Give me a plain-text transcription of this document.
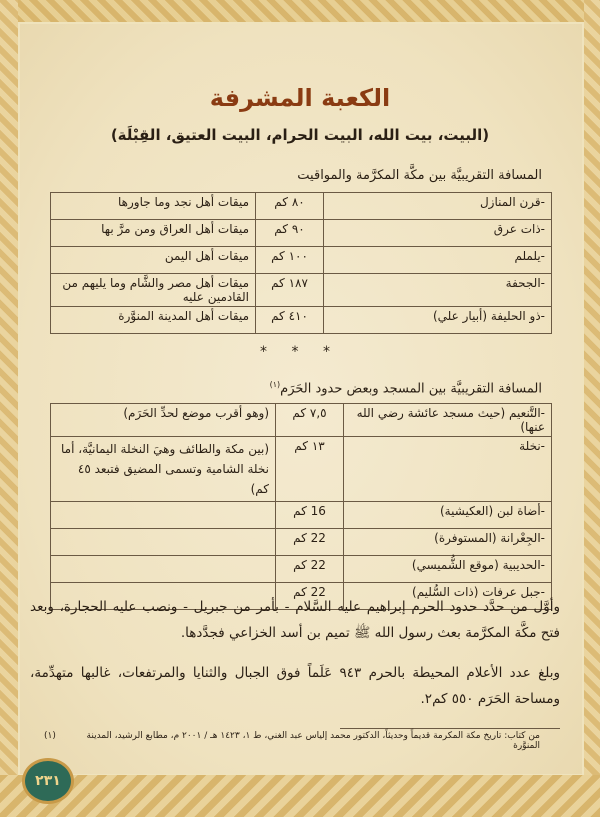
الكعبة المشرفة
(البيت، بيت الله، البيت الحرام، البيت العتيق، القِبْلَة)
المسافة التقريبيَّة بين مكَّة المكرَّمة والمواقيت
-قرن المنازل	٨٠ كم	ميقات أهل نجد وما جاورها
-ذات عرق	٩٠ كم	ميقات أهل العراق ومن مرَّ بها
-يلملم	١٠٠ كم	ميقات أهل اليمن
-الجحفة	١٨٧ كم	ميقات أهل مصر والشَّام وما يليهم من القادمين عليه
-ذو الحليفة (أبيار علي)	٤١٠ كم	ميقات أهل المدينة المنوَّرة
* * *
المسافة التقريبيَّة بين المسجد وبعض حدود الحَرَم$^{(١)}$
-التَّنعيم (حيث مسجد عائشة رضي الله عنها)	٧,٥ كم	(وهو أقرب موضع لحدِّ الحَرَم)
-نخلة	١٣ كم	(بين مكة والطائف وهيَ النخلة اليمانيَّة، أما نخلة الشامية وتسمى المضيق فتبعد ٤٥ كم)
-أضاة لبن (العكيشية)	16 كم	
-الجِعْرانة (المستوفرة)	22 كم	
-الحديبية (موقع الشُّميسي)	22 كم	
-جبل عرفات (ذات السُّليم)	22 كم	
وأوَّل من حدَّد حدود الحرم إبراهيم عليه السَّلام - بأمر من جبريل - ونصب عليه الحجارة، وبعد فتح مكَّة المكرَّمة بعث رسول الله ﷺ تميم بن أسد الخزاعي فجدَّدها.
وبلغ عدد الأعلام المحيطة بالحرم ٩٤٣ عَلَماً فوق الجبال والثنايا والمرتفعات، غالبها متهدِّمة، ومساحة الحَرَم ٥٥٠ كم٢.
من كتاب: تاريخ مكة المكرمة قديماً وحديثاً، الدكتور محمد إلياس عبد الغني، ط ١، ١٤٢٣ هـ / ٢٠٠١ م، مطابع الرشيد، المدينة المنوَّرة
(١)
٢٣١
